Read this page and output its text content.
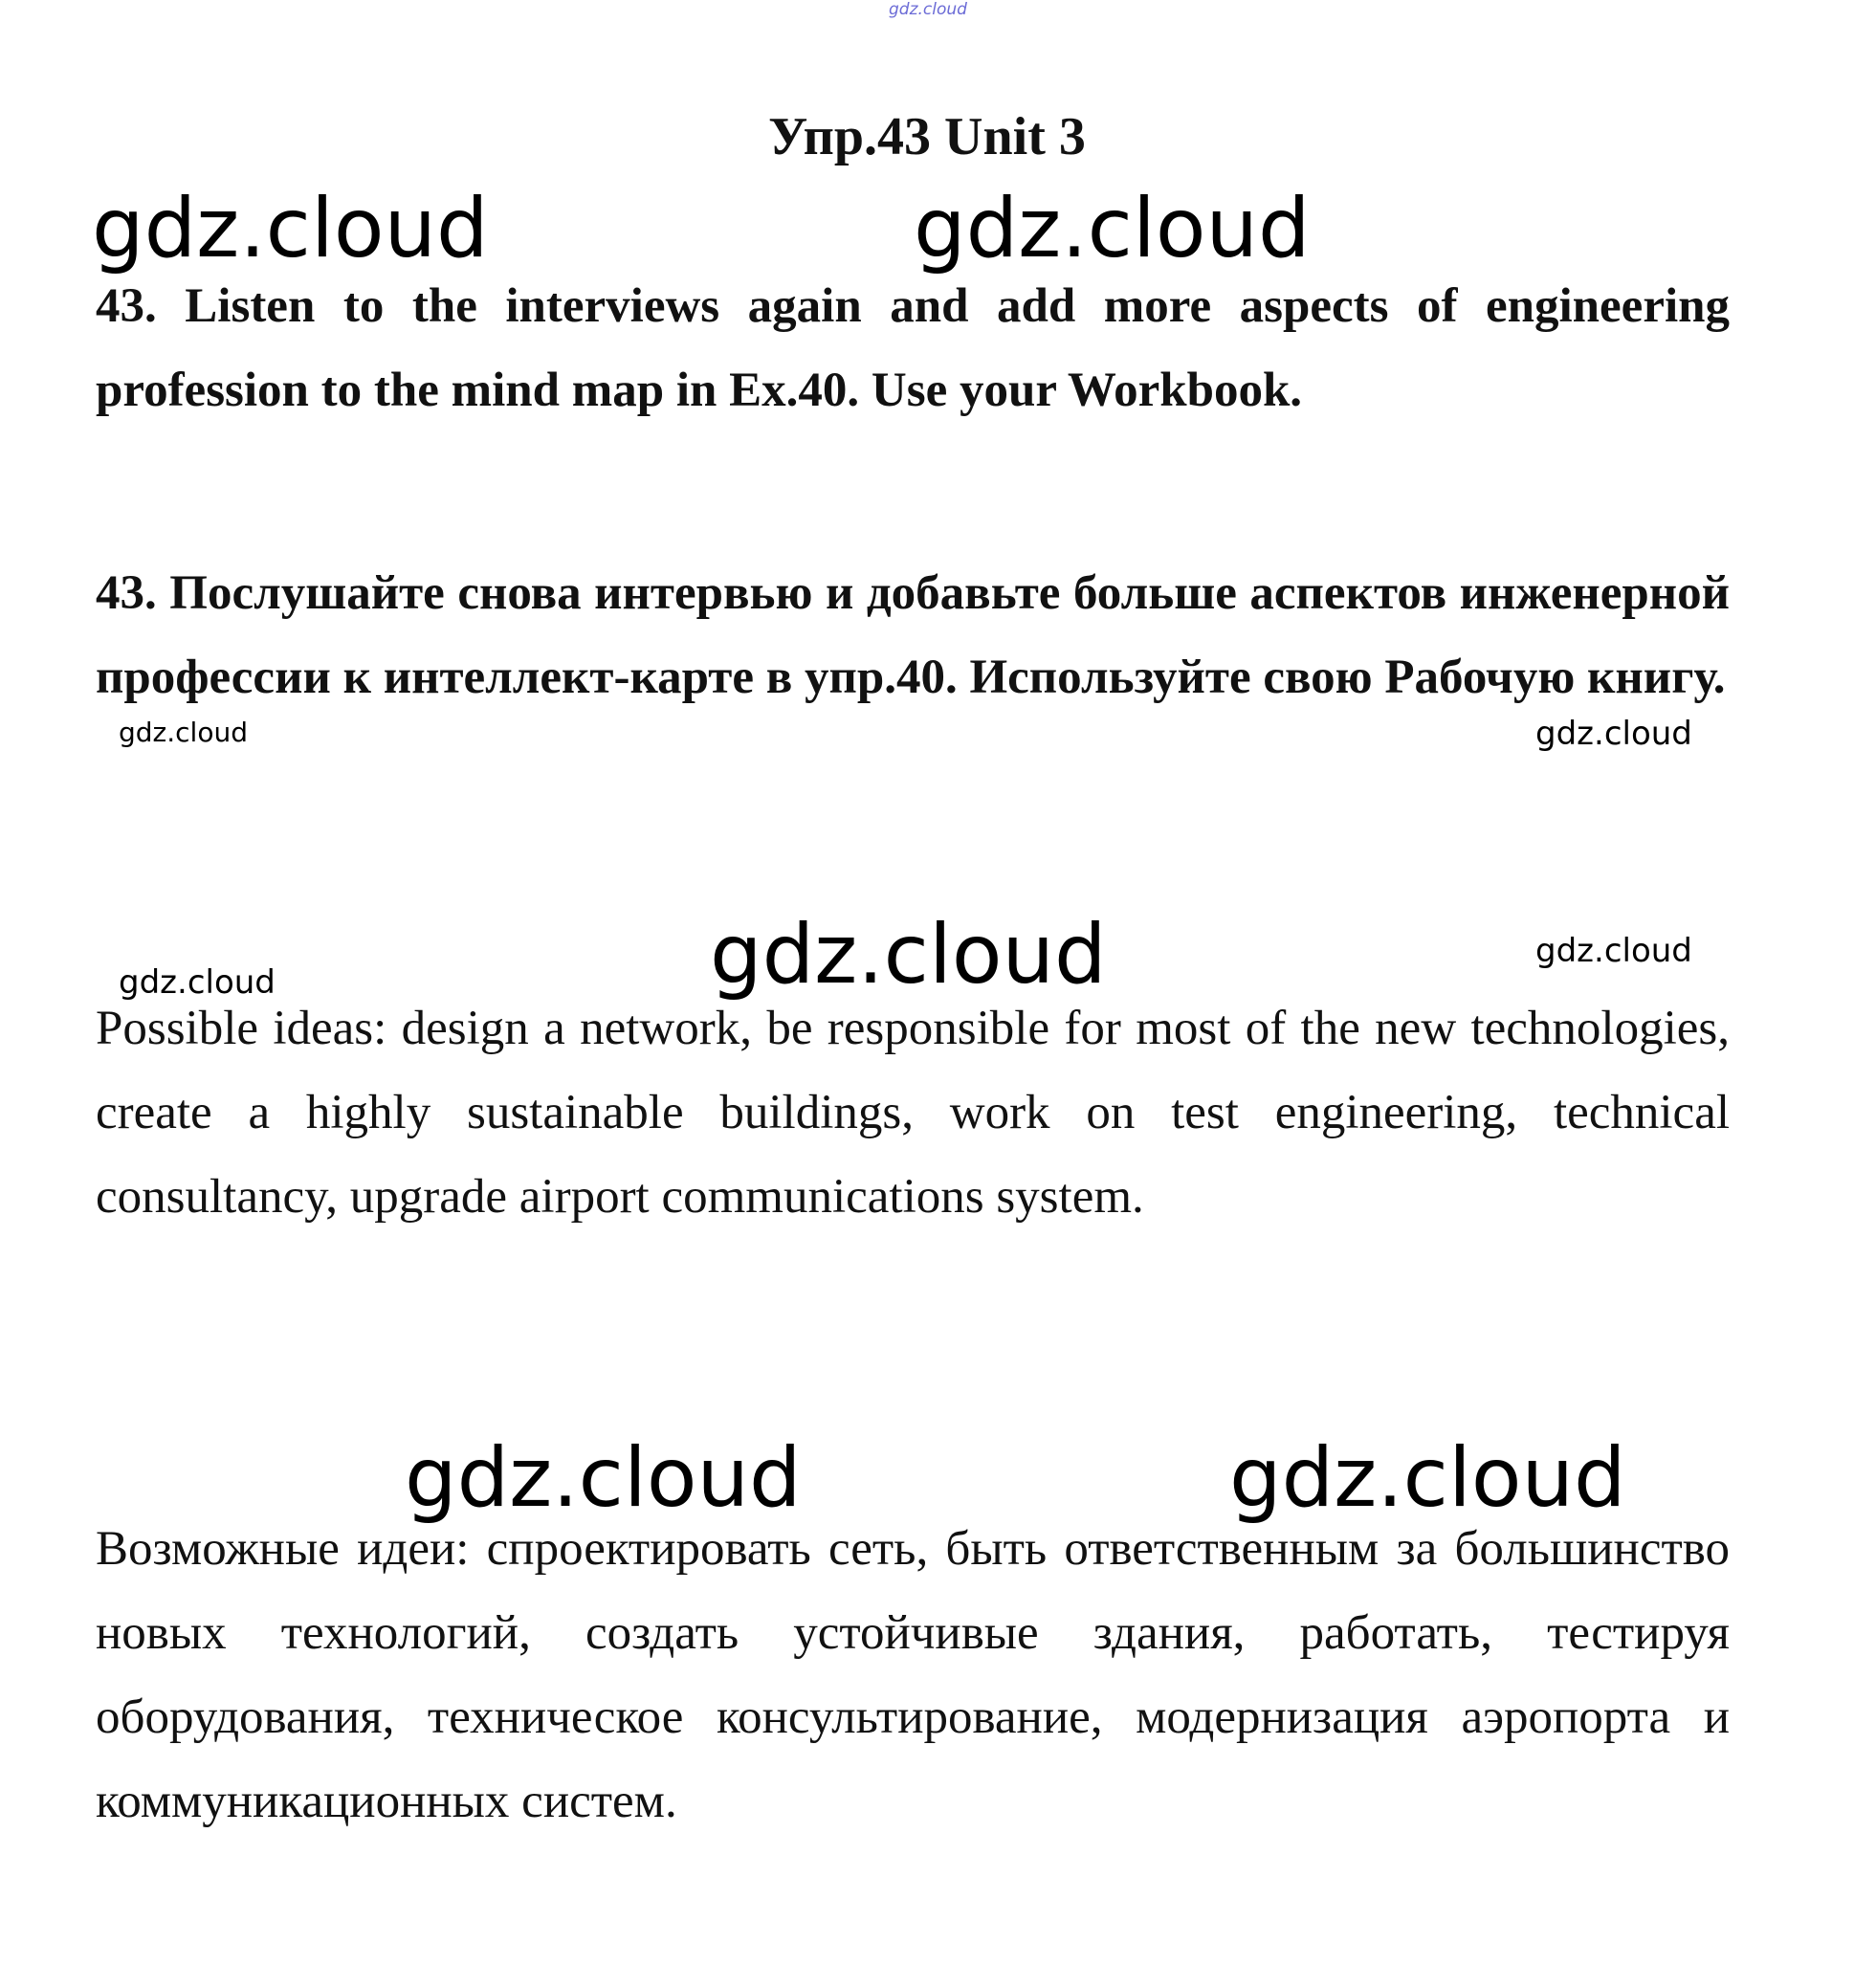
gdz.cloud
Упр.43 Unit 3
gdz.cloud	gdz.cloud
43. Listen to the interviews again and add more aspects of engineering profession to the mind map in Ex.40. Use your Workbook.
43. Послушайте снова интервью и добавьте больше аспектов инженерной профессии к интеллект-карте в упр.40. Используйте свою Рабочую книгу.
gdz.cloud	gdz.cloud
gdz.cloud
gdz.cloud
gdz.cloud
Possible ideas: design a network, be responsible for most of the new technologies, create a highly sustainable buildings, work on test engineering, technical consultancy, upgrade airport communications system.
gdz.cloud	gdz.cloud
Возможные идеи: спроектировать сеть, быть ответственным за большинство новых технологий, создать устойчивые здания, работать, тестируя оборудования, техническое консультирование, модернизация аэропорта и коммуникационных систем.
